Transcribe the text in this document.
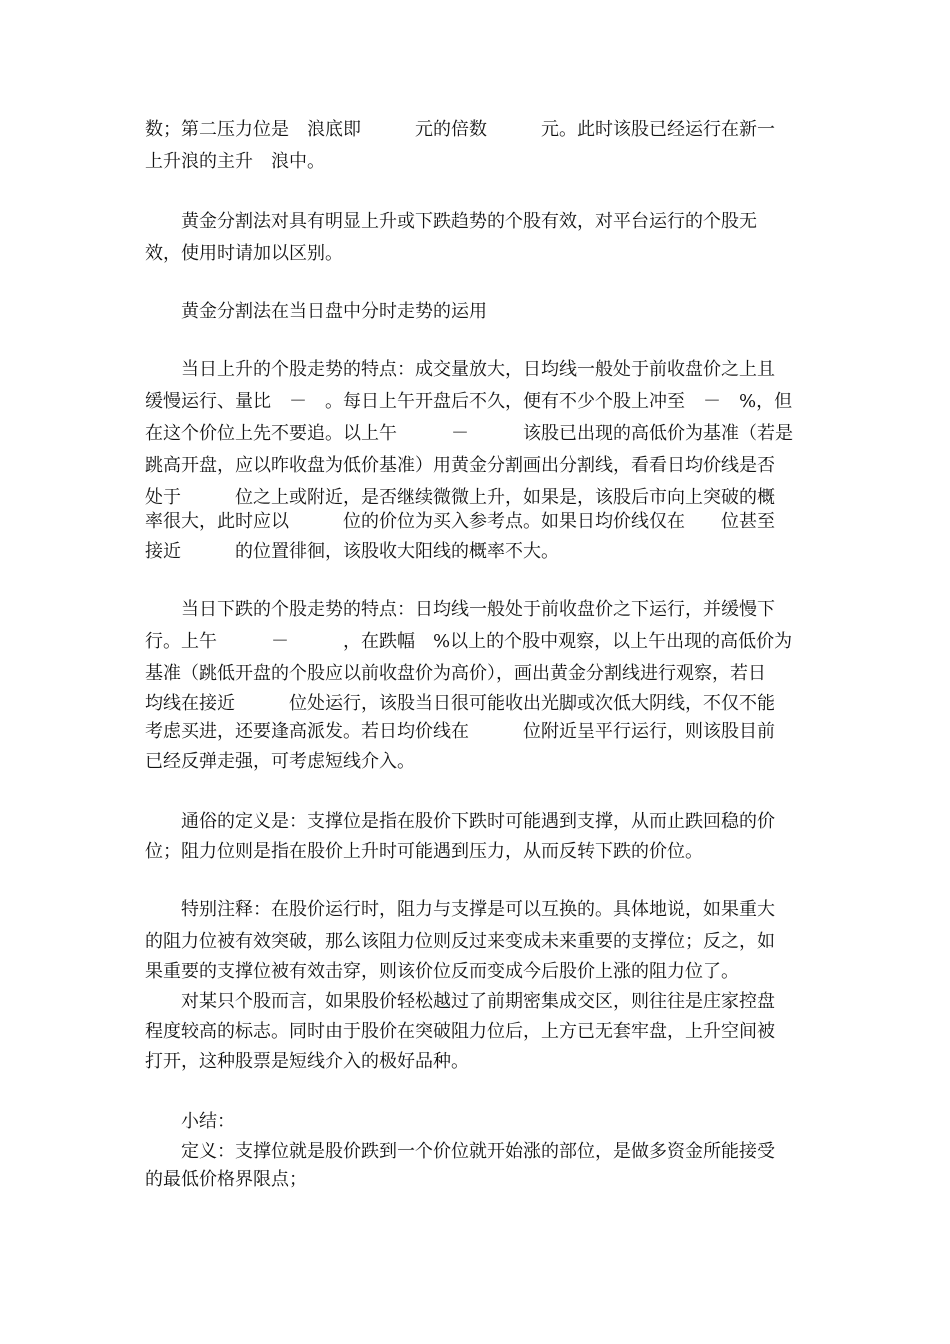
数；第二压力位是　浪底即　　　元的倍数　　　元。此时该股已经运行在新一

上升浪的主升　浪中。

　　黄金分割法对具有明显上升或下跌趋势的个股有效，对平台运行的个股无

效，使用时请加以区别。

　　黄金分割法在当日盘中分时走势的运用

　　当日上升的个股走势的特点：成交量放大，日均线一般处于前收盘价之上且

缓慢运行、量比　－　。每日上午开盘后不久，便有不少个股上冲至　－　%，但

在这个价位上先不要追。以上午　　　－　　　该股已出现的高低价为基准（若是

跳高开盘，应以昨收盘为低价基准）用黄金分割画出分割线，看看日均价线是否

处于　　　位之上或附近，是否继续微微上升，如果是，该股后市向上突破的概

率很大，此时应以　　　位的价位为买入参考点。如果日均价线仅在　　位甚至

接近　　　的位置徘徊，该股收大阳线的概率不大。

　　当日下跌的个股走势的特点：日均线一般处于前收盘价之下运行，并缓慢下

行。上午　　　－　　　，在跌幅　%以上的个股中观察，以上午出现的高低价为

基准（跳低开盘的个股应以前收盘价为高价），画出黄金分割线进行观察，若日

均线在接近　　　位处运行，该股当日很可能收出光脚或次低大阴线，不仅不能

考虑买进，还要逢高派发。若日均价线在　　　位附近呈平行运行，则该股目前

已经反弹走强，可考虑短线介入。

　　通俗的定义是：支撑位是指在股价下跌时可能遇到支撑，从而止跌回稳的价

位；阻力位则是指在股价上升时可能遇到压力，从而反转下跌的价位。

　　特别注释：在股价运行时，阻力与支撑是可以互换的。具体地说，如果重大

的阻力位被有效突破，那么该阻力位则反过来变成未来重要的支撑位；反之，如

果重要的支撑位被有效击穿，则该价位反而变成今后股价上涨的阻力位了。

　　对某只个股而言，如果股价轻松越过了前期密集成交区，则往往是庄家控盘

程度较高的标志。同时由于股价在突破阻力位后，上方已无套牢盘，上升空间被

打开，这种股票是短线介入的极好品种。

　　小结：

　　定义：支撑位就是股价跌到一个价位就开始涨的部位，是做多资金所能接受

的最低价格界限点；
